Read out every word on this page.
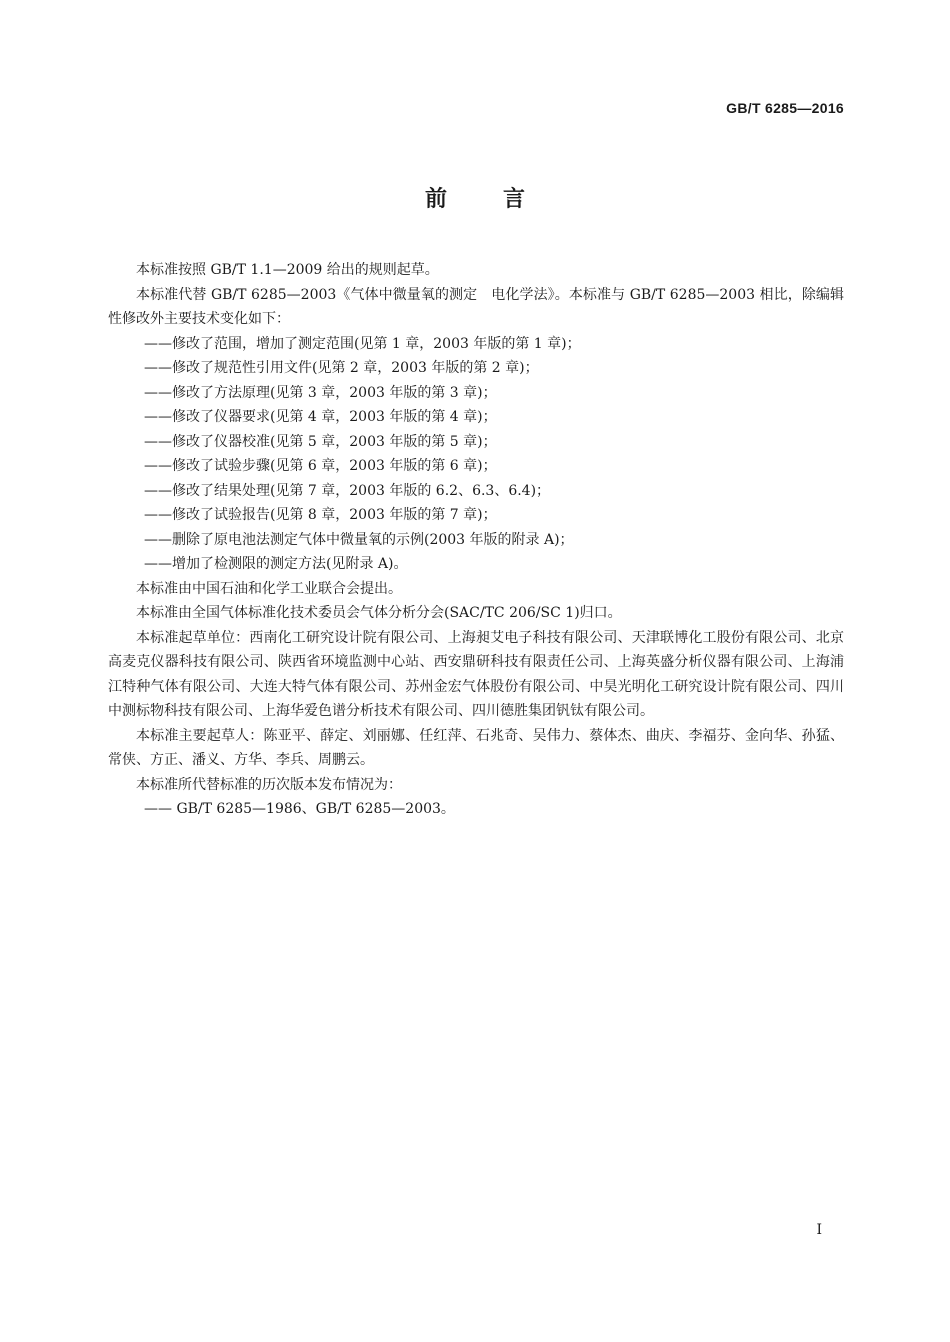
GB/T 6285—2016
前言

本标准按照 GB/T 1.1—2009 给出的规则起草。

本标准代替 GB/T 6285—2003《气体中微量氧的测定　电化学法》。本标准与 GB/T 6285—2003 相比，除编辑性修改外主要技术变化如下：

——修改了范围，增加了测定范围(见第 1 章，2003 年版的第 1 章)；

——修改了规范性引用文件(见第 2 章，2003 年版的第 2 章)；

——修改了方法原理(见第 3 章，2003 年版的第 3 章)；

——修改了仪器要求(见第 4 章，2003 年版的第 4 章)；

——修改了仪器校准(见第 5 章，2003 年版的第 5 章)；

——修改了试验步骤(见第 6 章，2003 年版的第 6 章)；

——修改了结果处理(见第 7 章，2003 年版的 6.2、6.3、6.4)；

——修改了试验报告(见第 8 章，2003 年版的第 7 章)；

——删除了原电池法测定气体中微量氧的示例(2003 年版的附录 A)；

——增加了检测限的测定方法(见附录 A)。

本标准由中国石油和化学工业联合会提出。

本标准由全国气体标准化技术委员会气体分析分会(SAC/TC 206/SC 1)归口。

本标准起草单位：西南化工研究设计院有限公司、上海昶艾电子科技有限公司、天津联博化工股份有限公司、北京高麦克仪器科技有限公司、陕西省环境监测中心站、西安鼎研科技有限责任公司、上海英盛分析仪器有限公司、上海浦江特种气体有限公司、大连大特气体有限公司、苏州金宏气体股份有限公司、中昊光明化工研究设计院有限公司、四川中测标物科技有限公司、上海华爱色谱分析技术有限公司、四川德胜集团钒钛有限公司。

本标准主要起草人：陈亚平、薛定、刘丽娜、任红萍、石兆奇、吴伟力、蔡体杰、曲庆、李福芬、金向华、孙猛、常侠、方正、潘义、方华、李兵、周鹏云。

本标准所代替标准的历次版本发布情况为：

—— GB/T 6285—1986、GB/T 6285—2003。

I
